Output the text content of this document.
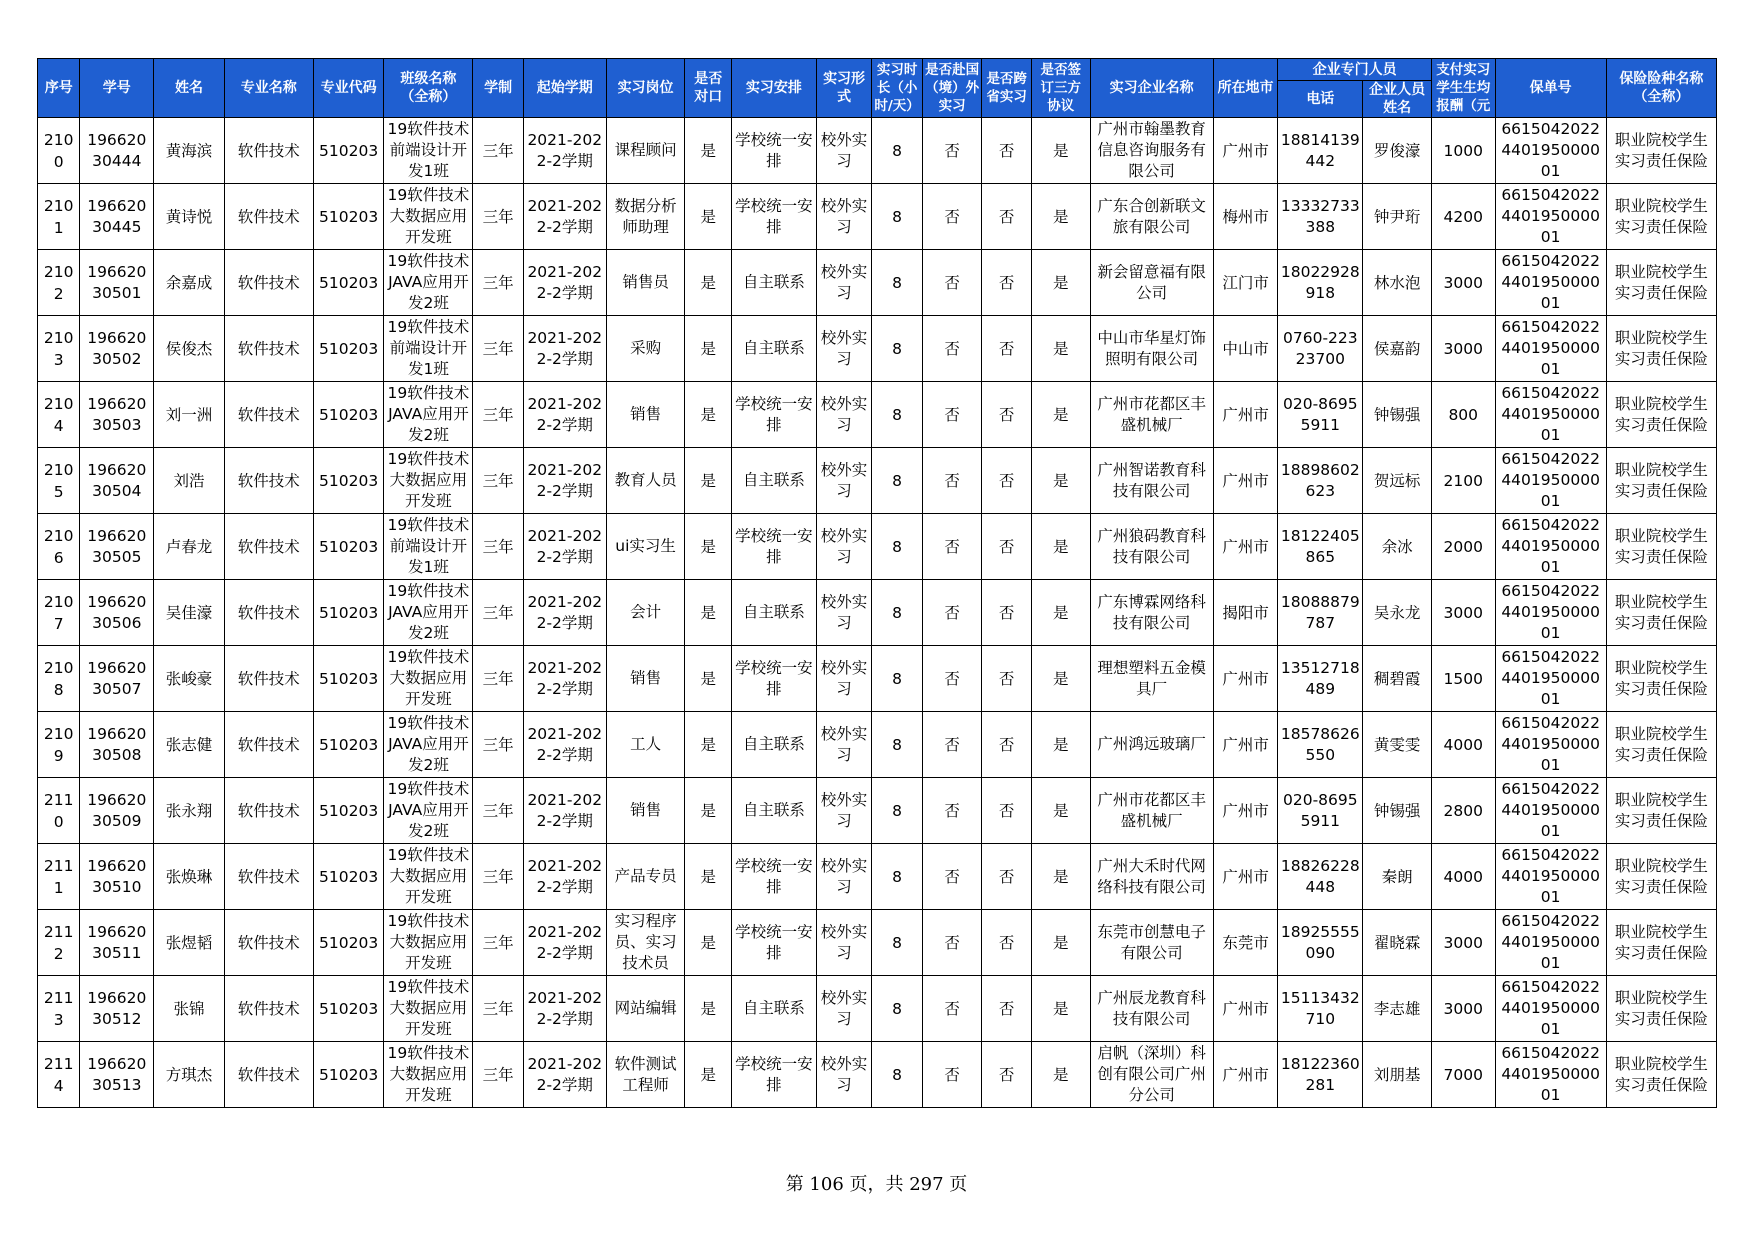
序号	学号	姓名	专业名称	专业代码	班级名称（全称）	学制	起始学期	实习岗位	是否对口	实习安排	实习形式	实习时长（小时/天）	是否赴国（境）外实习	是否跨省实习	是否签订三方协议	实习企业名称	所在地市	企业专门人员		支付实习学生生均报酬（元	保单号	保险险种名称（全称）
																		电话	企业人员姓名			
2100	19662030444	黄海滨	软件技术	510203	19软件技术前端设计开发1班	三年	2021-2022-2学期	课程顾问	是	学校统一安排	校外实习	8	否	否	是	广州市翰墨教育信息咨询服务有限公司	广州市	18814139442	罗俊濠	1000	6615042022440195000001	职业院校学生实习责任保险
2101	19662030445	黄诗悦	软件技术	510203	19软件技术大数据应用开发班	三年	2021-2022-2学期	数据分析师助理	是	学校统一安排	校外实习	8	否	否	是	广东合创新联文旅有限公司	梅州市	13332733388	钟尹珩	4200	6615042022440195000001	职业院校学生实习责任保险
2102	19662030501	余嘉成	软件技术	510203	19软件技术JAVA应用开发2班	三年	2021-2022-2学期	销售员	是	自主联系	校外实习	8	否	否	是	新会留意福有限公司	江门市	18022928918	林水泡	3000	6615042022440195000001	职业院校学生实习责任保险
2103	19662030502	侯俊杰	软件技术	510203	19软件技术前端设计开发1班	三年	2021-2022-2学期	采购	是	自主联系	校外实习	8	否	否	是	中山市华星灯饰照明有限公司	中山市	0760-22323700	侯嘉韵	3000	6615042022440195000001	职业院校学生实习责任保险
2104	19662030503	刘一洲	软件技术	510203	19软件技术JAVA应用开发2班	三年	2021-2022-2学期	销售	是	学校统一安排	校外实习	8	否	否	是	广州市花都区丰盛机械厂	广州市	020-86955911	钟锡强	800	6615042022440195000001	职业院校学生实习责任保险
2105	19662030504	刘浩	软件技术	510203	19软件技术大数据应用开发班	三年	2021-2022-2学期	教育人员	是	自主联系	校外实习	8	否	否	是	广州智诺教育科技有限公司	广州市	18898602623	贺远标	2100	6615042022440195000001	职业院校学生实习责任保险
2106	19662030505	卢春龙	软件技术	510203	19软件技术前端设计开发1班	三年	2021-2022-2学期	ui实习生	是	学校统一安排	校外实习	8	否	否	是	广州狼码教育科技有限公司	广州市	18122405865	余冰	2000	6615042022440195000001	职业院校学生实习责任保险
2107	19662030506	吴佳濠	软件技术	510203	19软件技术JAVA应用开发2班	三年	2021-2022-2学期	会计	是	自主联系	校外实习	8	否	否	是	广东博霖网络科技有限公司	揭阳市	18088879787	吴永龙	3000	6615042022440195000001	职业院校学生实习责任保险
2108	19662030507	张峻豪	软件技术	510203	19软件技术大数据应用开发班	三年	2021-2022-2学期	销售	是	学校统一安排	校外实习	8	否	否	是	理想塑料五金模具厂	广州市	13512718489	稠碧霞	1500	6615042022440195000001	职业院校学生实习责任保险
2109	19662030508	张志健	软件技术	510203	19软件技术JAVA应用开发2班	三年	2021-2022-2学期	工人	是	自主联系	校外实习	8	否	否	是	广州鸿远玻璃厂	广州市	18578626550	黄雯雯	4000	6615042022440195000001	职业院校学生实习责任保险
2110	19662030509	张永翔	软件技术	510203	19软件技术JAVA应用开发2班	三年	2021-2022-2学期	销售	是	自主联系	校外实习	8	否	否	是	广州市花都区丰盛机械厂	广州市	020-86955911	钟锡强	2800	6615042022440195000001	职业院校学生实习责任保险
2111	19662030510	张焕琳	软件技术	510203	19软件技术大数据应用开发班	三年	2021-2022-2学期	产品专员	是	学校统一安排	校外实习	8	否	否	是	广州大禾时代网络科技有限公司	广州市	18826228448	秦朗	4000	6615042022440195000001	职业院校学生实习责任保险
2112	19662030511	张煜韬	软件技术	510203	19软件技术大数据应用开发班	三年	2021-2022-2学期	实习程序员、实习技术员	是	学校统一安排	校外实习	8	否	否	是	东莞市创慧电子有限公司	东莞市	18925555090	翟晓霖	3000	6615042022440195000001	职业院校学生实习责任保险
2113	19662030512	张锦	软件技术	510203	19软件技术大数据应用开发班	三年	2021-2022-2学期	网站编辑	是	自主联系	校外实习	8	否	否	是	广州辰龙教育科技有限公司	广州市	15113432710	李志雄	3000	6615042022440195000001	职业院校学生实习责任保险
2114	19662030513	方琪杰	软件技术	510203	19软件技术大数据应用开发班	三年	2021-2022-2学期	软件测试工程师	是	学校统一安排	校外实习	8	否	否	是	启帆（深圳）科创有限公司广州分公司	广州市	18122360281	刘朋基	7000	6615042022440195000001	职业院校学生实习责任保险
第 106 页，共 297 页
